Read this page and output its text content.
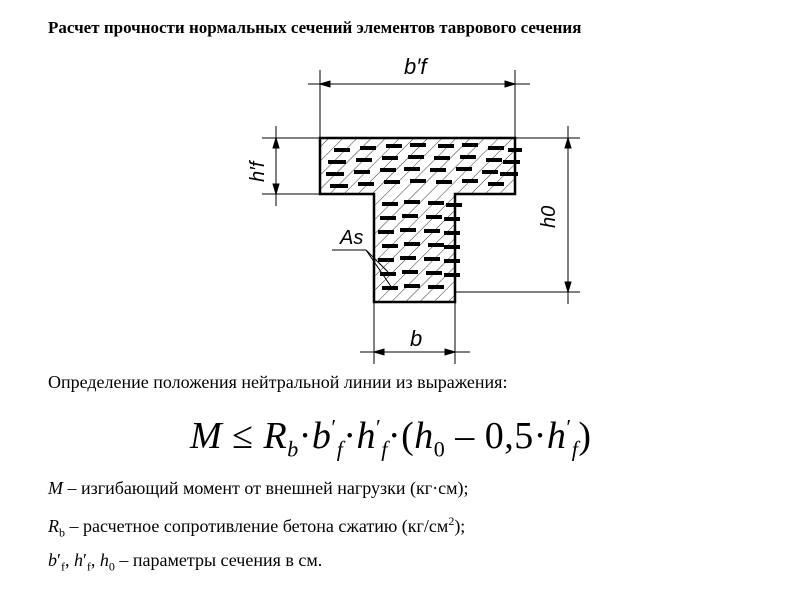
Расчет прочности нормальных сечений элементов таврового сечения
b′f
h′f
h0
As
b
Определение положения нейтральной линии из выражения:
$M \le R_b\cdot b'_f\cdot h'_f\cdot(h_0 - 0,5\cdot h'_f)$
M – изгибающий момент от внешней нагрузки (кг·см);
$R_b$ – расчетное сопротивление бетона сжатию $(кг/см^2)$;
$b'_f$, $h'_f$, $h_0$ – параметры сечения в см.
